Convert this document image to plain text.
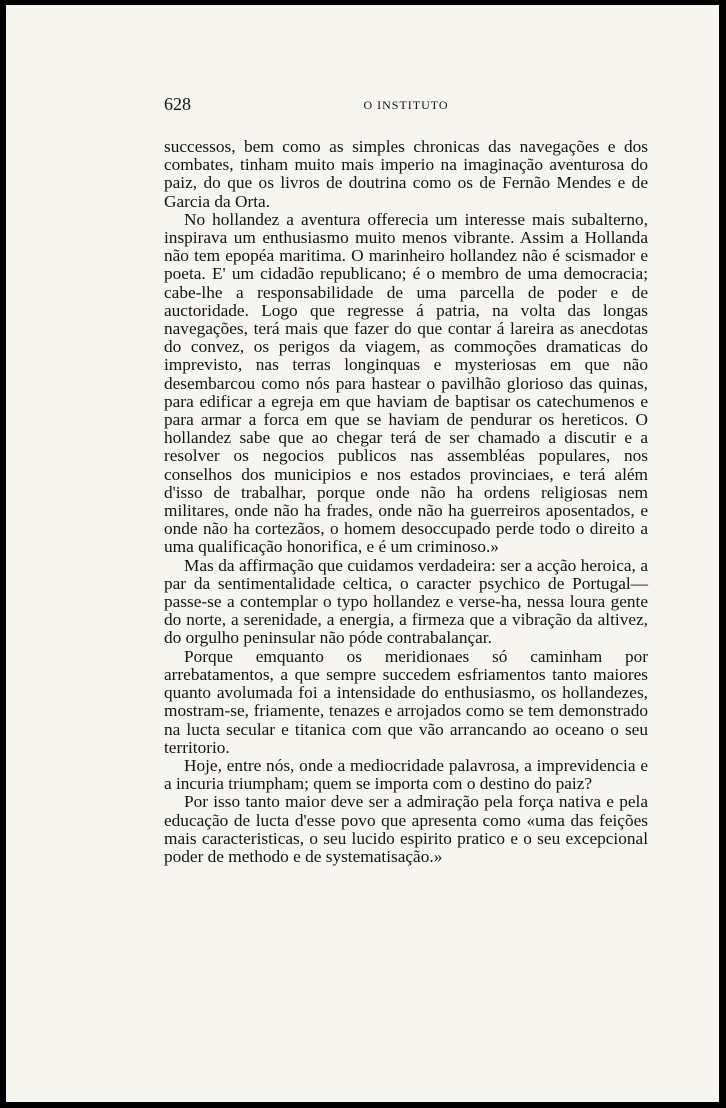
628	O INSTITUTO

successos, bem como as simples chronicas das navegações e dos combates, tinham muito mais imperio na imaginação aventurosa do paiz, do que os livros de doutrina como os de Fernão Mendes e de Garcia da Orta.

No hollandez a aventura offerecia um interesse mais subalterno, inspirava um enthusiasmo muito menos vibrante. Assim a Hollanda não tem epopéa maritima. O marinheiro hollandez não é scismador e poeta. E' um cidadão republicano; é o membro de uma democracia; cabe-lhe a responsabilidade de uma parcella de poder e de auctoridade. Logo que regresse á patria, na volta das longas navegações, terá mais que fazer do que contar á lareira as anecdotas do convez, os perigos da viagem, as commoções dramaticas do imprevisto, nas terras longinquas e mysteriosas em que não desembarcou como nós para hastear o pavilhão glorioso das quinas, para edificar a egreja em que haviam de baptisar os catechumenos e para armar a forca em que se haviam de pendurar os hereticos. O hollandez sabe que ao chegar terá de ser chamado a discutir e a resolver os negocios publicos nas assembléas populares, nos conselhos dos municipios e nos estados provinciaes, e terá além d'isso de trabalhar, porque onde não ha ordens religiosas nem militares, onde não ha frades, onde não ha guerreiros aposentados, e onde não ha cortezãos, o homem desoccupado perde todo o direito a uma qualificação honorifica, e é um criminoso.»

Mas da affirmação que cuidamos verdadeira: ser a acção heroica, a par da sentimentalidade celtica, o caracter psychico de Portugal—passe-se a contemplar o typo hollandez e verse-ha, nessa loura gente do norte, a serenidade, a energia, a firmeza que a vibração da altivez, do orgulho peninsular não póde contrabalançar.

Porque emquanto os meridionaes só caminham por arrebatamentos, a que sempre succedem esfriamentos tanto maiores quanto avolumada foi a intensidade do enthusiasmo, os hollandezes, mostram-se, friamente, tenazes e arrojados como se tem demonstrado na lucta secular e titanica com que vão arrancando ao oceano o seu territorio.

Hoje, entre nós, onde a mediocridade palavrosa, a imprevidencia e a incuria triumpham; quem se importa com o destino do paiz?

Por isso tanto maior deve ser a admiração pela força nativa e pela educação de lucta d'esse povo que apresenta como «uma das feições mais caracteristicas, o seu lucido espirito pratico e o seu excepcional poder de methodo e de systematisação.»
